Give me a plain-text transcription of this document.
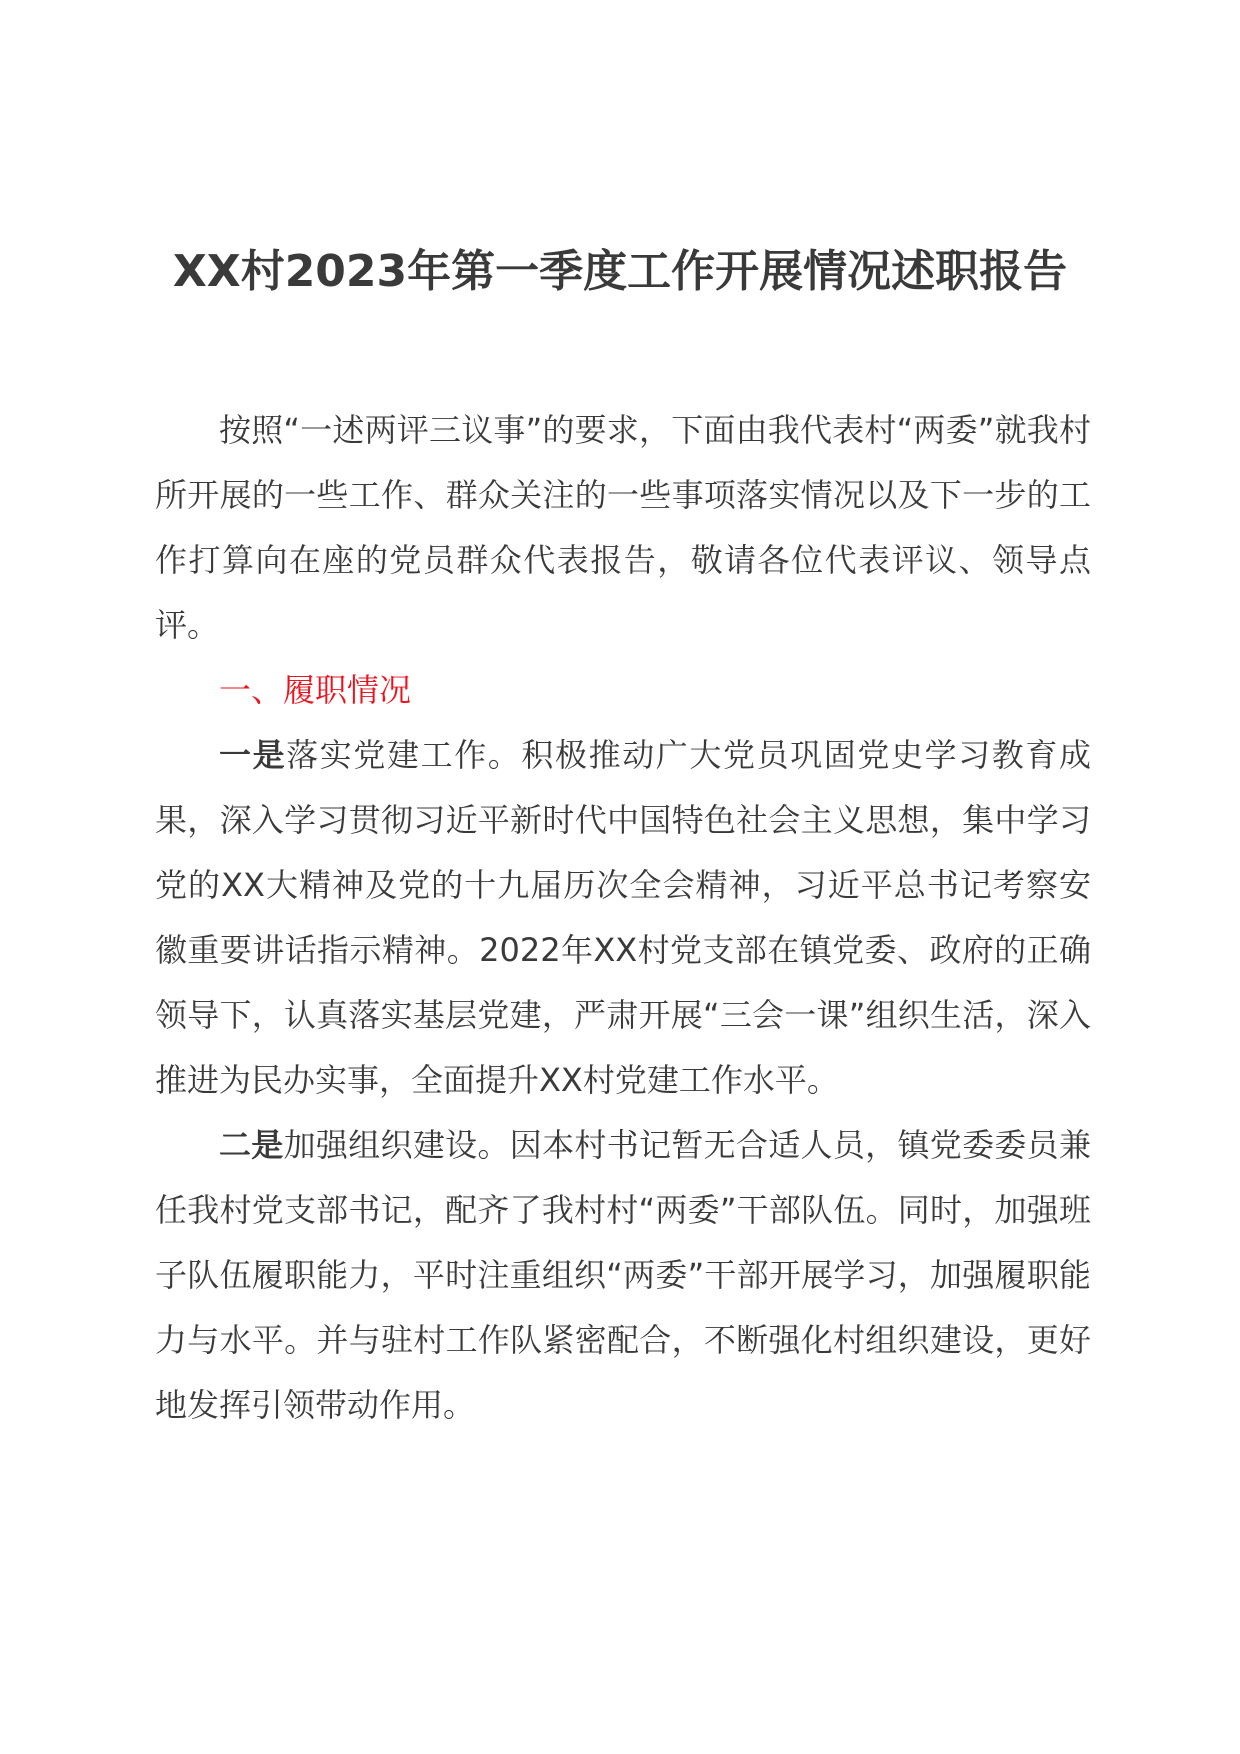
XX村2023年第一季度工作开展情况述职报告

按照“一述两评三议事”的要求，下面由我代表村“两委”就我村所开展的一些工作、群众关注的一些事项落实情况以及下一步的工作打算向在座的党员群众代表报告，敬请各位代表评议、领导点评。

一、履职情况

一是落实党建工作。积极推动广大党员巩固党史学习教育成果，深入学习贯彻习近平新时代中国特色社会主义思想，集中学习党的XX大精神及党的十九届历次全会精神，习近平总书记考察安徽重要讲话指示精神。2022年XX村党支部在镇党委、政府的正确领导下，认真落实基层党建，严肃开展“三会一课”组织生活，深入推进为民办实事，全面提升XX村党建工作水平。

二是加强组织建设。因本村书记暂无合适人员，镇党委委员兼任我村党支部书记，配齐了我村村“两委”干部队伍。同时，加强班子队伍履职能力，平时注重组织“两委”干部开展学习，加强履职能力与水平。并与驻村工作队紧密配合，不断强化村组织建设，更好地发挥引领带动作用。
